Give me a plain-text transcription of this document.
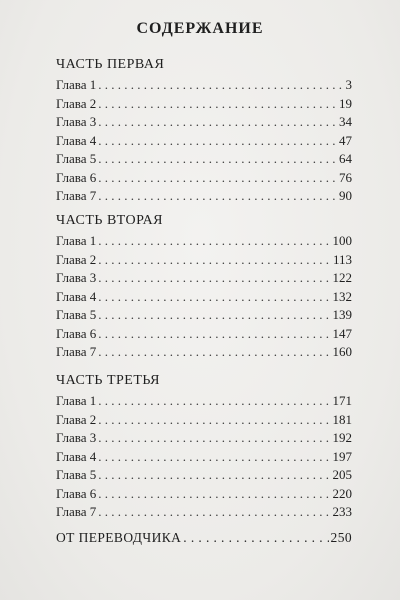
СОДЕРЖАНИЕ
ЧАСТЬ ПЕРВАЯ
Глава 1 . . .	3
Глава 2 . . .	19
Глава 3 . . .	34
Глава 4 . . .	47
Глава 5 . . .	64
Глава 6 . . .	76
Глава 7 . . .	90
ЧАСТЬ ВТОРАЯ
Глава 1 . . .	100
Глава 2 . . .	113
Глава 3 . . .	122
Глава 4 . . .	132
Глава 5 . . .	139
Глава 6 . . .	147
Глава 7 . . .	160
ЧАСТЬ ТРЕТЬЯ
Глава 1 . . .	171
Глава 2 . . .	181
Глава 3 . . .	192
Глава 4 . . .	197
Глава 5 . . .	205
Глава 6 . . .	220
Глава 7 . . .	233
ОТ ПЕРЕВОДЧИКА . . .	250
